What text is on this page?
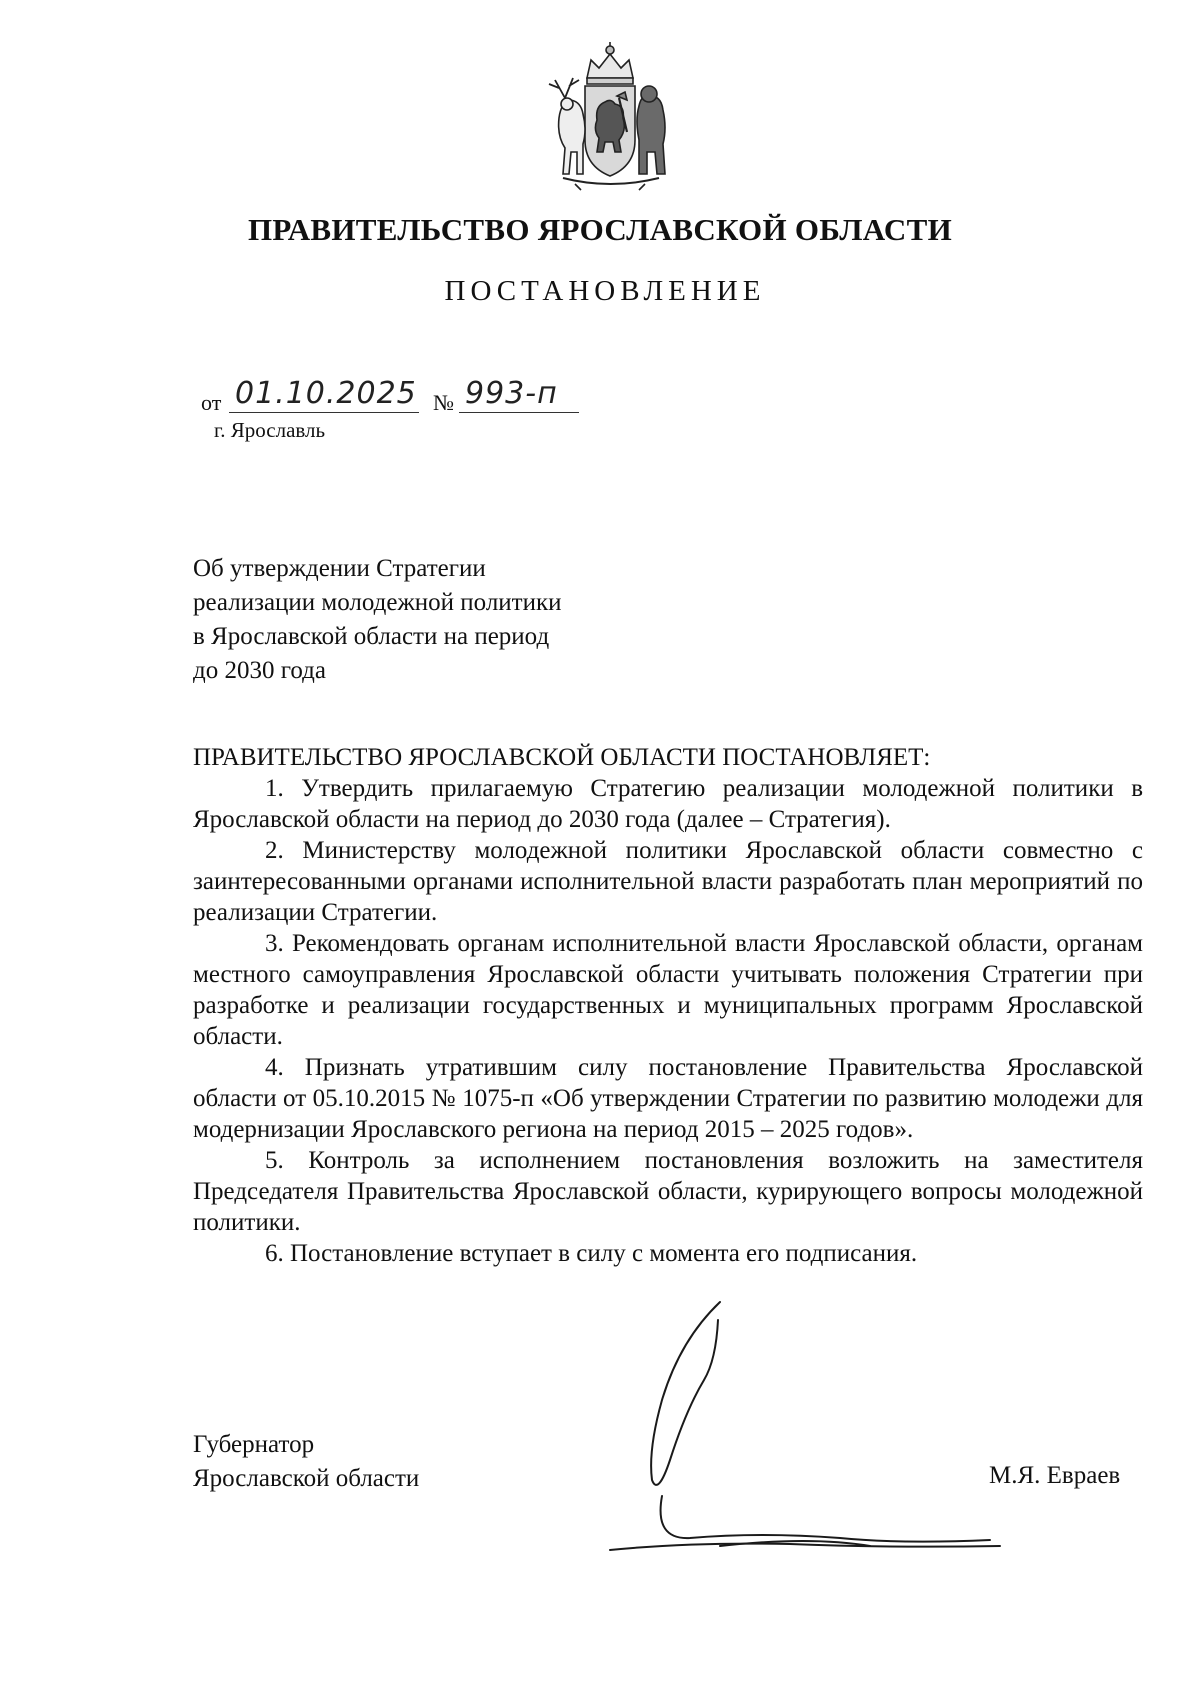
ПРАВИТЕЛЬСТВО ЯРОСЛАВСКОЙ ОБЛАСТИ
ПОСТАНОВЛЕНИЕ
от 01.10.2025 № 993-п
г. Ярославль
Об утверждении Стратегии
реализации молодежной политики
в Ярославской области на период
до 2030 года

ПРАВИТЕЛЬСТВО ЯРОСЛАВСКОЙ ОБЛАСТИ ПОСТАНОВЛЯЕТ:

1. Утвердить прилагаемую Стратегию реализации молодежной политики в Ярославской области на период до 2030 года (далее – Стратегия).

2. Министерству молодежной политики Ярославской области совместно с заинтересованными органами исполнительной власти разработать план мероприятий по реализации Стратегии.

3. Рекомендовать органам исполнительной власти Ярославской области, органам местного самоуправления Ярославской области учитывать положения Стратегии при разработке и реализации государственных и муниципальных программ Ярославской области.

4. Признать утратившим силу постановление Правительства Ярославской области от 05.10.2015 № 1075-п «Об утверждении Стратегии по развитию молодежи для модернизации Ярославского региона на период 2015 – 2025 годов».

5. Контроль за исполнением постановления возложить на заместителя Председателя Правительства Ярославской области, курирующего вопросы молодежной политики.

6. Постановление вступает в силу с момента его подписания.

Губернатор
Ярославской области	М.Я. Евраев
